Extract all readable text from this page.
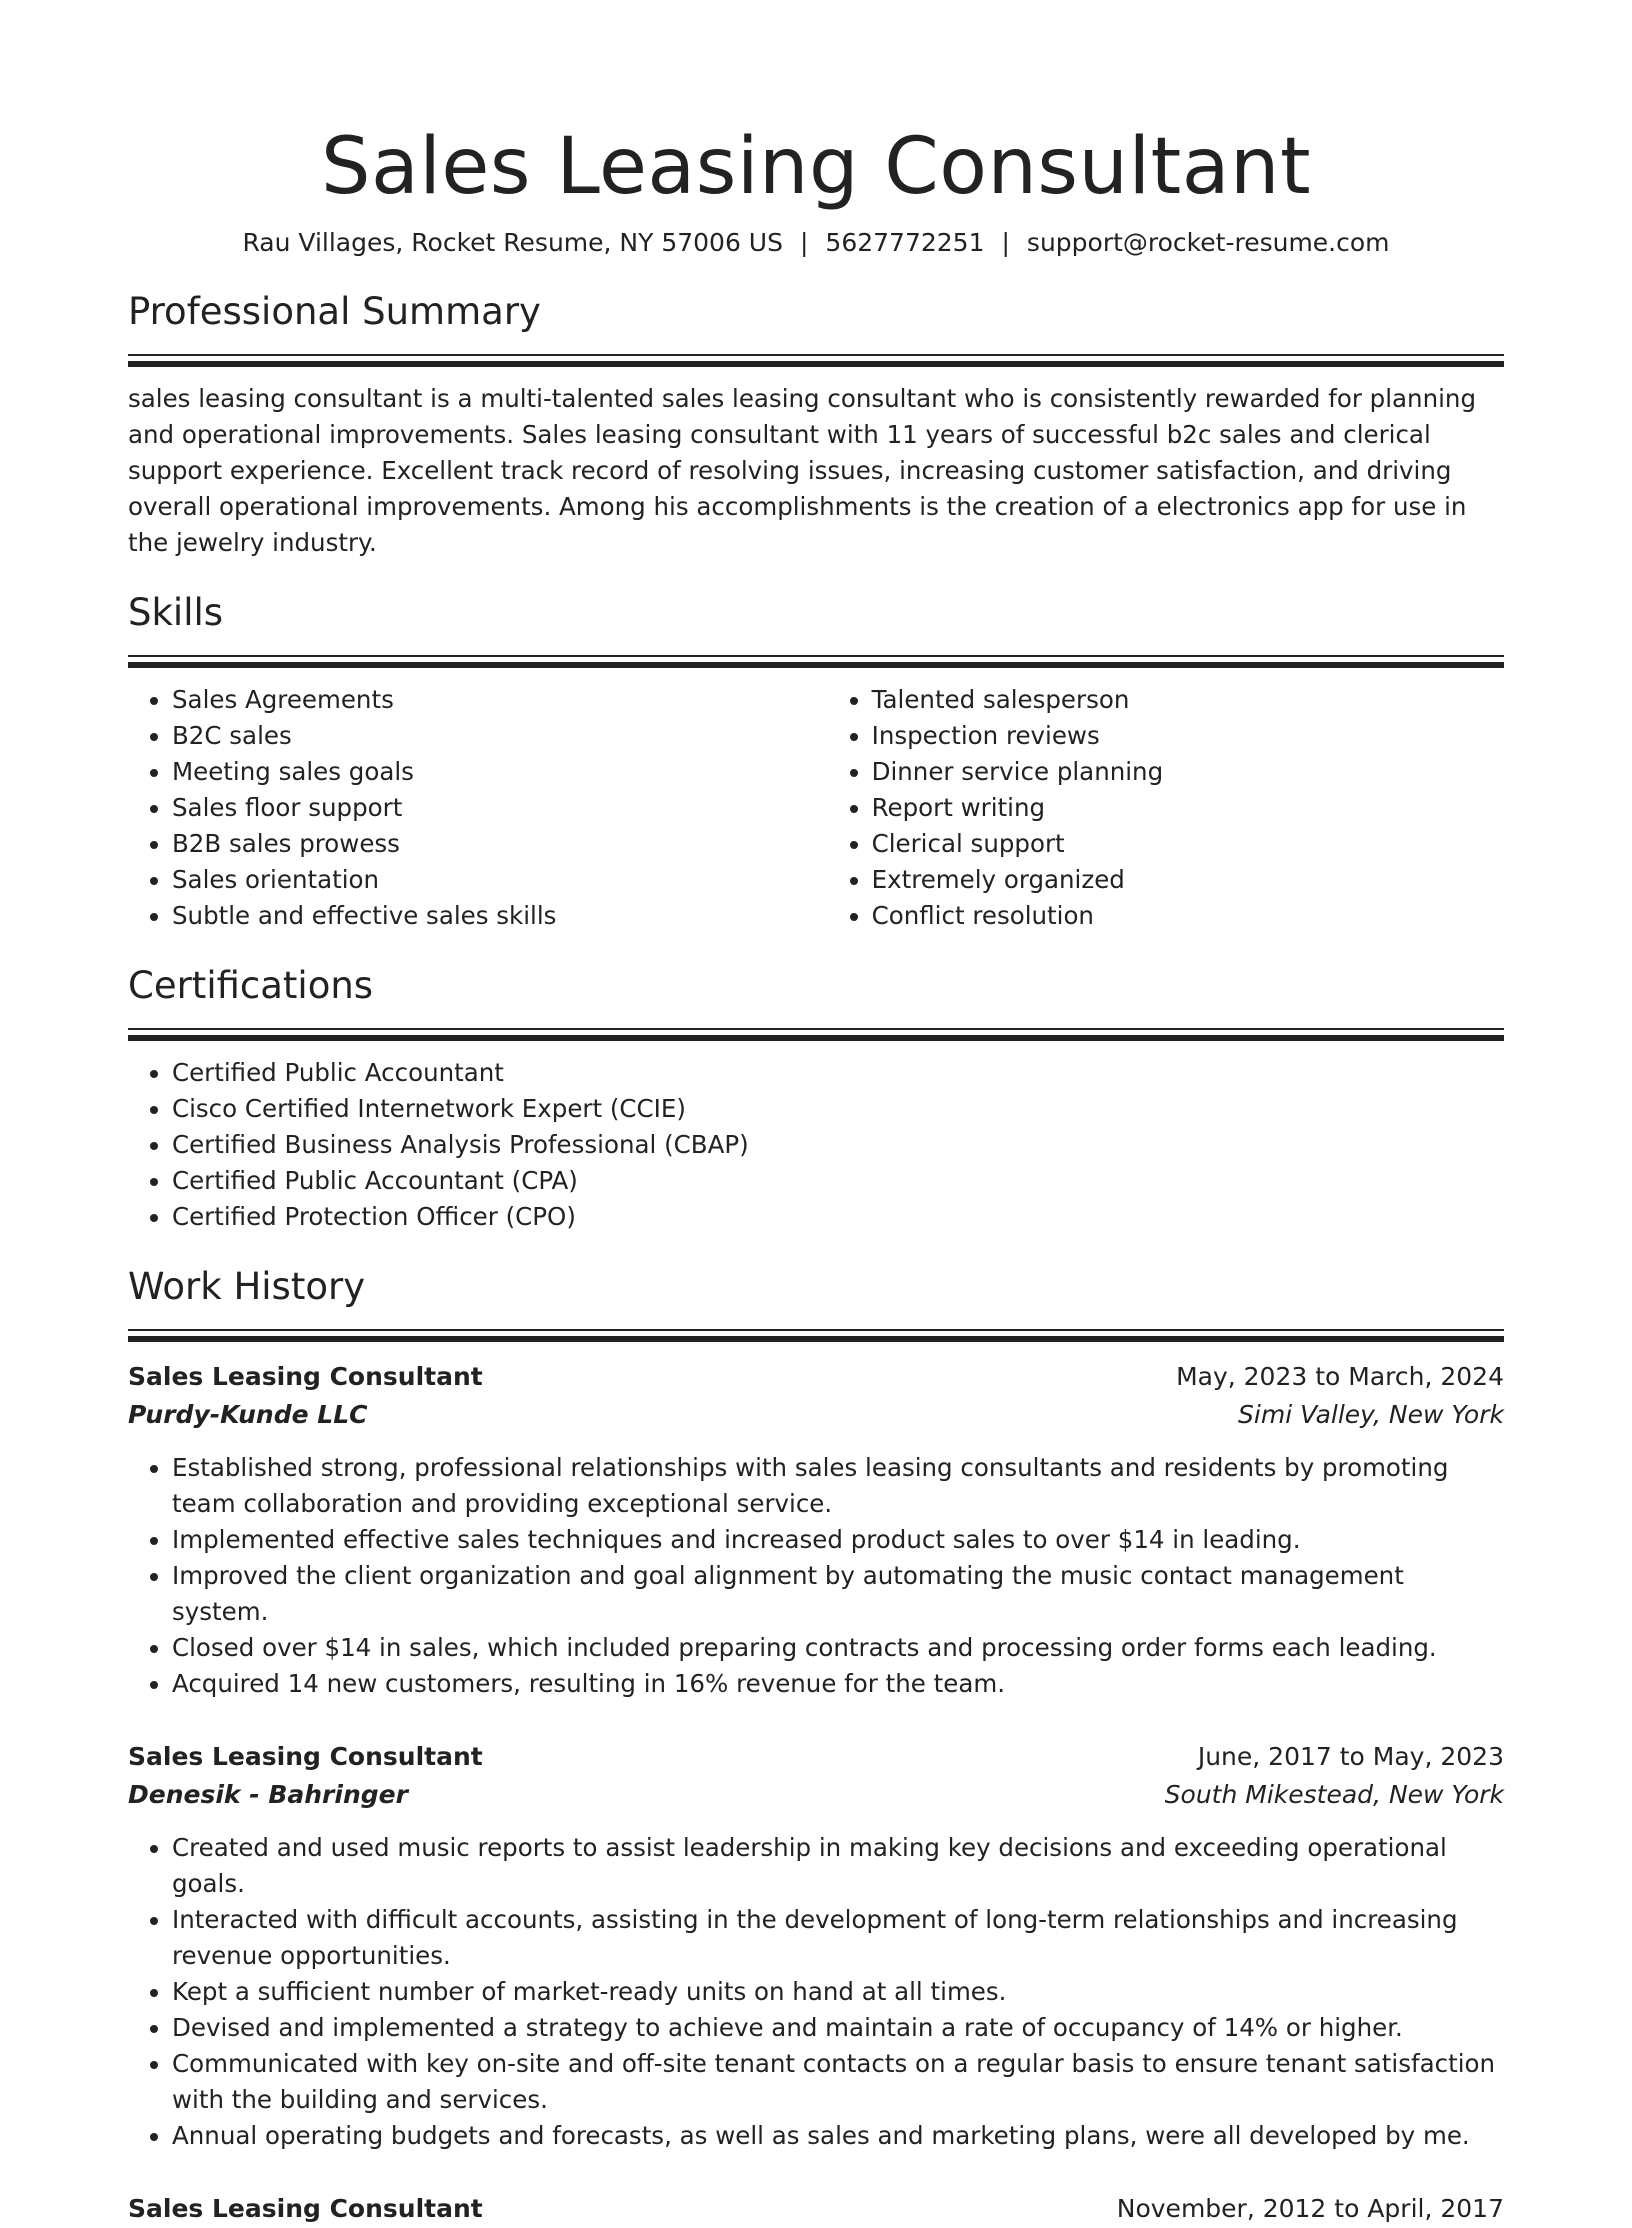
Sales Leasing Consultant
Rau Villages, Rocket Resume, NY 57006 US | 5627772251 | support@rocket-resume.com
Professional Summary
sales leasing consultant is a multi-talented sales leasing consultant who is consistently rewarded for planning and operational improvements. Sales leasing consultant with 11 years of successful b2c sales and clerical support experience. Excellent track record of resolving issues, increasing customer satisfaction, and driving overall operational improvements. Among his accomplishments is the creation of a electronics app for use in the jewelry industry.
Skills
• Sales Agreements
• B2C sales
• Meeting sales goals
• Sales floor support
• B2B sales prowess
• Sales orientation
• Subtle and effective sales skills
• Talented salesperson
• Inspection reviews
• Dinner service planning
• Report writing
• Clerical support
• Extremely organized
• Conflict resolution
Certifications
• Certified Public Accountant
• Cisco Certified Internetwork Expert (CCIE)
• Certified Business Analysis Professional (CBAP)
• Certified Public Accountant (CPA)
• Certified Protection Officer (CPO)
Work History
Sales Leasing Consultant	May, 2023 to March, 2024
Purdy-Kunde LLC	Simi Valley, New York
• Established strong, professional relationships with sales leasing consultants and residents by promoting team collaboration and providing exceptional service.
• Implemented effective sales techniques and increased product sales to over $14 in leading.
• Improved the client organization and goal alignment by automating the music contact management system.
• Closed over $14 in sales, which included preparing contracts and processing order forms each leading.
• Acquired 14 new customers, resulting in 16% revenue for the team.
Sales Leasing Consultant	June, 2017 to May, 2023
Denesik - Bahringer	South Mikestead, New York
• Created and used music reports to assist leadership in making key decisions and exceeding operational goals.
• Interacted with difficult accounts, assisting in the development of long-term relationships and increasing revenue opportunities.
• Kept a sufficient number of market-ready units on hand at all times.
• Devised and implemented a strategy to achieve and maintain a rate of occupancy of 14% or higher.
• Communicated with key on-site and off-site tenant contacts on a regular basis to ensure tenant satisfaction with the building and services.
• Annual operating budgets and forecasts, as well as sales and marketing plans, were all developed by me.
Sales Leasing Consultant	November, 2012 to April, 2017
